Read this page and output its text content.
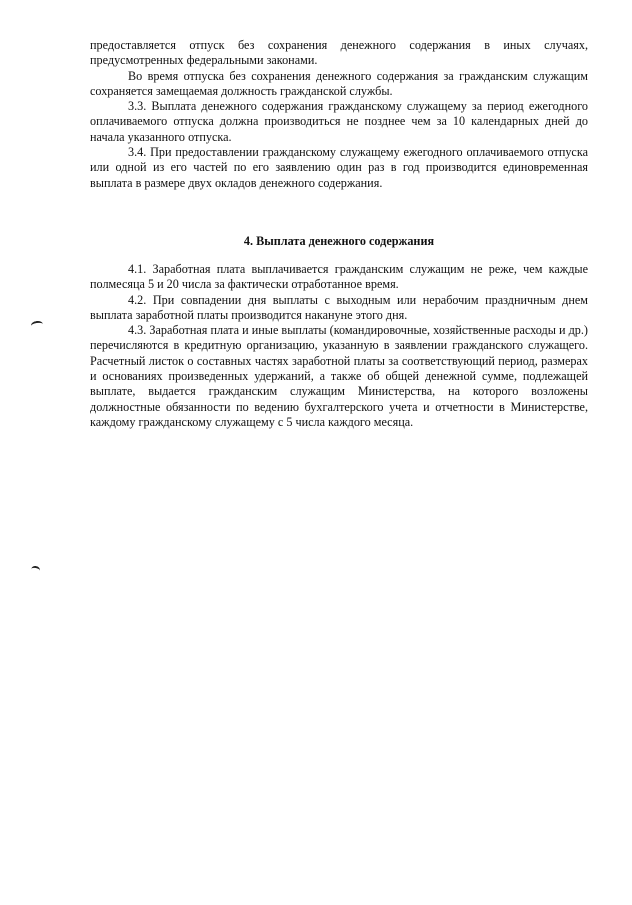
предоставляется отпуск без сохранения денежного содержания в иных случаях, предусмотренных федеральными законами.

Во время отпуска без сохранения денежного содержания за гражданским служащим сохраняется замещаемая должность гражданской службы.

3.3. Выплата денежного содержания гражданскому служащему за период ежегодного оплачиваемого отпуска должна производиться не позднее чем за 10 календарных дней до начала указанного отпуска.

3.4. При предоставлении гражданскому служащему ежегодного оплачиваемого отпуска или одной из его частей по его заявлению один раз в год производится единовременная выплата в размере двух окладов денежного содержания.

4. Выплата денежного содержания

4.1. Заработная плата выплачивается гражданским служащим не реже, чем каждые полмесяца 5 и 20 числа за фактически отработанное время.

4.2. При совпадении дня выплаты с выходным или нерабочим праздничным днем выплата заработной платы производится накануне этого дня.

4.3. Заработная плата и иные выплаты (командировочные, хозяйственные расходы и др.) перечисляются в кредитную организацию, указанную в заявлении гражданского служащего. Расчетный листок о составных частях заработной платы за соответствующий период, размерах и основаниях произведенных удержаний, а также об общей денежной сумме, подлежащей выплате, выдается гражданским служащим Министерства, на которого возложены должностные обязанности по ведению бухгалтерского учета и отчетности в Министерстве, каждому гражданскому служащему с 5 числа каждого месяца.
